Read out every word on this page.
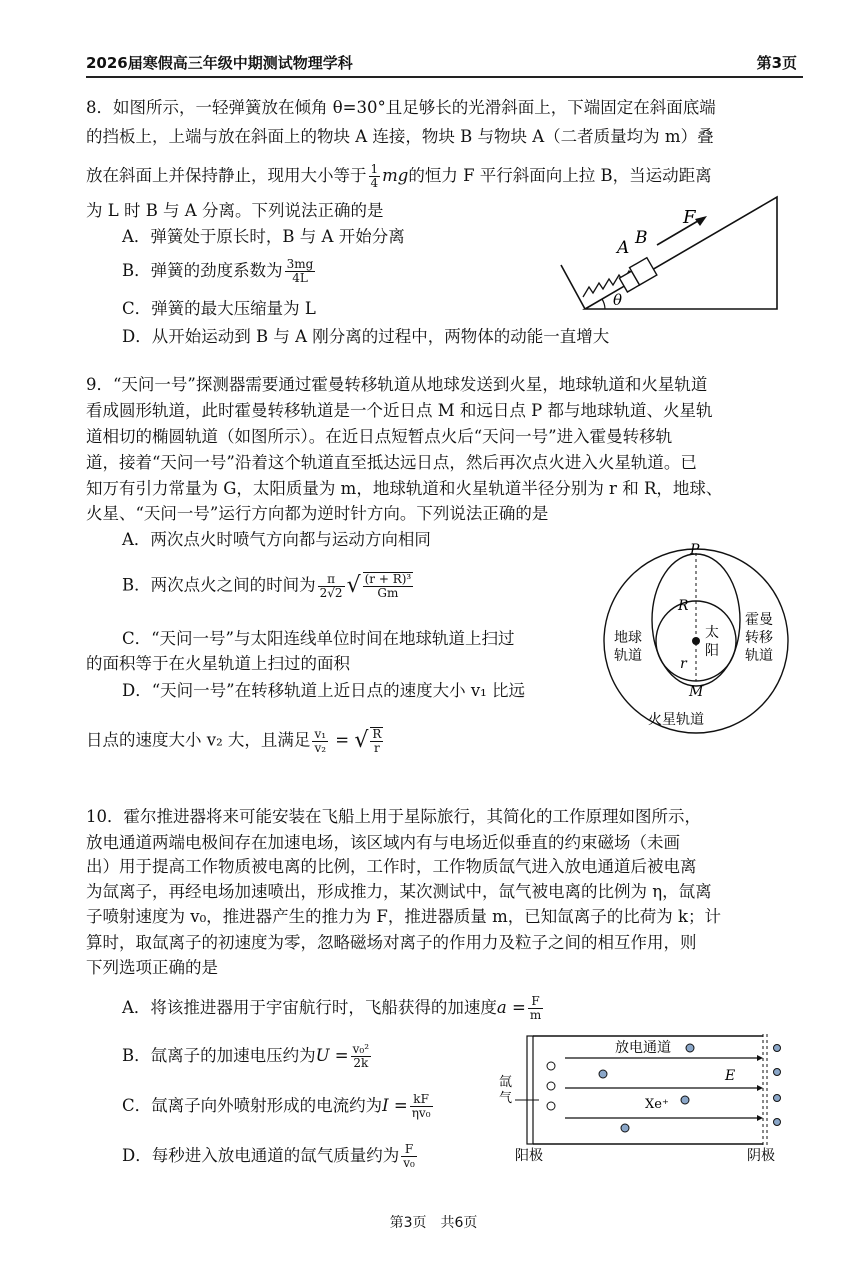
2026届寒假高三年级中期测试物理学科	第3页
8．如图所示，一轻弹簧放在倾角 θ=30°且足够长的光滑斜面上，下端固定在斜面底端
的挡板上，上端与放在斜面上的物块 A 连接，物块 B 与物块 A（二者质量均为 m）叠
放在斜面上并保持静止，现用大小等于 $\frac{1}{4}$ mg的恒力 F 平行斜面向上拉 B，当运动距离
为 L 时 B 与 A 分离。下列说法正确的是
A．弹簧处于原长时，B 与 A 开始分离
B．弹簧的劲度系数为 $\frac{3mg}{4L}$
C．弹簧的最大压缩量为 L
D．从开始运动到 B 与 A 刚分离的过程中，两物体的动能一直增大
A B
F
θ
9．“天问一号”探测器需要通过霍曼转移轨道从地球发送到火星，地球轨道和火星轨道
看成圆形轨道，此时霍曼转移轨道是一个近日点 M 和远日点 P 都与地球轨道、火星轨
道相切的椭圆轨道（如图所示）。在近日点短暂点火后“天问一号”进入霍曼转移轨
道，接着“天问一号”沿着这个轨道直至抵达远日点，然后再次点火进入火星轨道。已
知万有引力常量为 G，太阳质量为 m，地球轨道和火星轨道半径分别为 r 和 R，地球、
火星、“天问一号”运行方向都为逆时针方向。下列说法正确的是
A．两次点火时喷气方向都与运动方向相同
B．两次点火之间的时间为 $\frac{\pi}{2√2}$ √ $\frac{\text{(r + R)³}}{Gm}$
C．“天问一号”与太阳连线单位时间在地球轨道上扫过
的面积等于在火星轨道上扫过的面积
D．“天问一号”在转移轨道上近日点的速度大小 v₁ 比远
日点的速度大小 v₂ 大，且满足 $\frac{\text{v₁}}{\text{v₂}}$ = √ $\frac{R}{r}$
P
M
R
r
太
阳
地球
轨道
霍曼
转移
轨道
火星轨道
10．霍尔推进器将来可能安装在飞船上用于星际旅行，其简化的工作原理如图所示，
放电通道两端电极间存在加速电场，该区域内有与电场近似垂直的约束磁场（未画
出）用于提高工作物质被电离的比例，工作时，工作物质氙气进入放电通道后被电离
为氙离子，再经电场加速喷出，形成推力，某次测试中，氙气被电离的比例为 η，氙离
子喷射速度为 v₀，推进器产生的推力为 F，推进器质量 m，已知氙离子的比荷为 k；计
算时，取氙离子的初速度为零，忽略磁场对离子的作用力及粒子之间的相互作用，则
下列选项正确的是
A．将该推进器用于宇宙航行时，飞船获得的加速度$a = \frac{F}{m}$
B．氙离子的加速电压约为$U = \frac{\text{v₀²}}{2k}$
C．氙离子向外喷射形成的电流约为$I = \frac{kF}{\text{ηv₀}}$
D．每秒进入放电通道的氙气质量约为 $\frac{F}{\text{v₀}}$
放电通道
E
Xe⁺
氙
气
阳极	阴极
第3页　共6页
